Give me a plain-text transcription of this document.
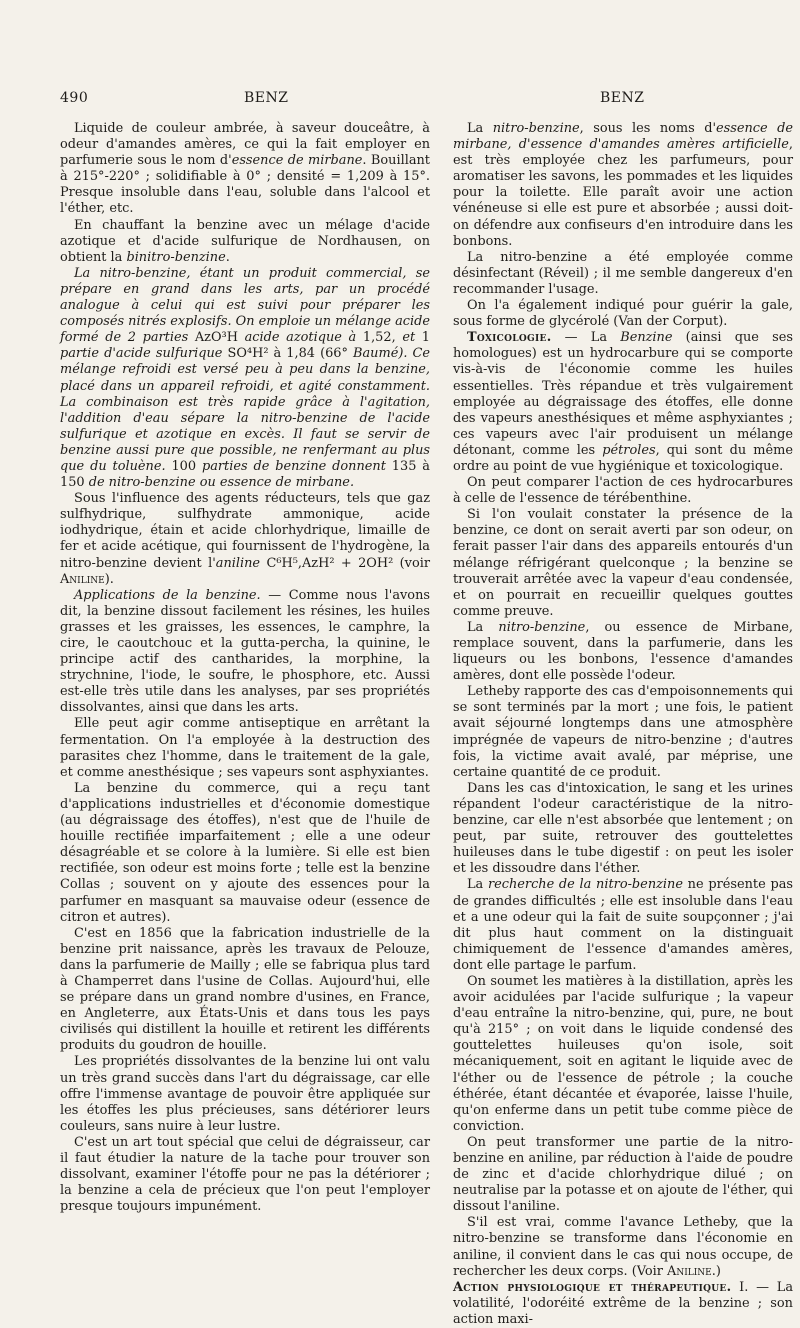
490	BENZ	BENZ

Liquide de couleur ambrée, à saveur douceâtre, à odeur d'amandes amères, ce qui la fait employer en parfumerie sous le nom d'essence de mirbane. Bouillant à 215°-220° ; solidifiable à 0° ; densité = 1,209 à 15°. Presque insoluble dans l'eau, soluble dans l'alcool et l'éther, etc.

En chauffant la benzine avec un mélage d'acide azotique et d'acide sulfurique de Nordhausen, on obtient la binitro-benzine.

La nitro-benzine, étant un produit commercial, se prépare en grand dans les arts, par un procédé analogue à celui qui est suivi pour préparer les composés nitrés explosifs. On emploie un mélange acide formé de 2 parties AzO³H acide azotique à 1,52, et 1 partie d'acide sulfurique SO⁴H² à 1,84 (66° Baumé). Ce mélange refroidi est versé peu à peu dans la benzine, placé dans un appareil refroidi, et agité constamment. La combinaison est très rapide grâce à l'agitation, l'addition d'eau sépare la nitro-benzine de l'acide sulfurique et azotique en excès. Il faut se servir de benzine aussi pure que possible, ne renfermant au plus que du toluène. 100 parties de benzine donnent 135 à 150 de nitro-benzine ou essence de mirbane.

Sous l'influence des agents réducteurs, tels que gaz sulfhydrique, sulfhydrate ammonique, acide iodhydrique, étain et acide chlorhydrique, limaille de fer et acide acétique, qui fournissent de l'hydrogène, la nitro-benzine devient l'aniline C⁶H⁵,AzH² + 2OH² (voir Aniline).

Applications de la benzine. — Comme nous l'avons dit, la benzine dissout facilement les résines, les huiles grasses et les graisses, les essences, le camphre, la cire, le caoutchouc et la gutta-percha, la quinine, le principe actif des cantharides, la morphine, la strychnine, l'iode, le soufre, le phosphore, etc. Aussi est-elle très utile dans les analyses, par ses propriétés dissolvantes, ainsi que dans les arts.

Elle peut agir comme antiseptique en arrêtant la fermentation. On l'a employée à la destruction des parasites chez l'homme, dans le traitement de la gale, et comme anesthésique ; ses vapeurs sont asphyxiantes.

La benzine du commerce, qui a reçu tant d'applications industrielles et d'économie domestique (au dégraissage des étoffes), n'est que de l'huile de houille rectifiée imparfaitement ; elle a une odeur désagréable et se colore à la lumière. Si elle est bien rectifiée, son odeur est moins forte ; telle est la benzine Collas ; souvent on y ajoute des essences pour la parfumer en masquant sa mauvaise odeur (essence de citron et autres).

C'est en 1856 que la fabrication industrielle de la benzine prit naissance, après les travaux de Pelouze, dans la parfumerie de Mailly ; elle se fabriqua plus tard à Champerret dans l'usine de Collas. Aujourd'hui, elle se prépare dans un grand nombre d'usines, en France, en Angleterre, aux États-Unis et dans tous les pays civilisés qui distillent la houille et retirent les différents produits du goudron de houille.

Les propriétés dissolvantes de la benzine lui ont valu un très grand succès dans l'art du dégraissage, car elle offre l'immense avantage de pouvoir être appliquée sur les étoffes les plus précieuses, sans détériorer leurs couleurs, sans nuire à leur lustre.

C'est un art tout spécial que celui de dégraisseur, car il faut étudier la nature de la tache pour trouver son dissolvant, examiner l'étoffe pour ne pas la détériorer ; la benzine a cela de précieux que l'on peut l'employer presque toujours impunément.

La nitro-benzine, sous les noms d'essence de mirbane, d'essence d'amandes amères artificielle, est très employée chez les parfumeurs, pour aromatiser les savons, les pommades et les liquides pour la toilette. Elle paraît avoir une action vénéneuse si elle est pure et absorbée ; aussi doit-on défendre aux confiseurs d'en introduire dans les bonbons.

La nitro-benzine a été employée comme désinfectant (Réveil) ; il me semble dangereux d'en recommander l'usage.

On l'a également indiqué pour guérir la gale, sous forme de glycérolé (Van der Corput).

Toxicologie. — La Benzine (ainsi que ses homologues) est un hydrocarbure qui se comporte vis-à-vis de l'économie comme les huiles essentielles. Très répandue et très vulgairement employée au dégraissage des étoffes, elle donne des vapeurs anesthésiques et même asphyxiantes ; ces vapeurs avec l'air produisent un mélange détonant, comme les pétroles, qui sont du même ordre au point de vue hygiénique et toxicologique.

On peut comparer l'action de ces hydrocarbures à celle de l'essence de térébenthine.

Si l'on voulait constater la présence de la benzine, ce dont on serait averti par son odeur, on ferait passer l'air dans des appareils entourés d'un mélange réfrigérant quelconque ; la benzine se trouverait arrêtée avec la vapeur d'eau condensée, et on pourrait en recueillir quelques gouttes comme preuve.

La nitro-benzine, ou essence de Mirbane, remplace souvent, dans la parfumerie, dans les liqueurs ou les bonbons, l'essence d'amandes amères, dont elle possède l'odeur.

Letheby rapporte des cas d'empoisonnements qui se sont terminés par la mort ; une fois, le patient avait séjourné longtemps dans une atmosphère imprégnée de vapeurs de nitro-benzine ; d'autres fois, la victime avait avalé, par méprise, une certaine quantité de ce produit.

Dans les cas d'intoxication, le sang et les urines répandent l'odeur caractéristique de la nitro-benzine, car elle n'est absorbée que lentement ; on peut, par suite, retrouver des gouttelettes huileuses dans le tube digestif : on peut les isoler et les dissoudre dans l'éther.

La recherche de la nitro-benzine ne présente pas de grandes difficultés ; elle est insoluble dans l'eau et a une odeur qui la fait de suite soupçonner ; j'ai dit plus haut comment on la distinguait chimiquement de l'essence d'amandes amères, dont elle partage le parfum.

On soumet les matières à la distillation, après les avoir acidulées par l'acide sulfurique ; la vapeur d'eau entraîne la nitro-benzine, qui, pure, ne bout qu'à 215° ; on voit dans le liquide condensé des gouttelettes huileuses qu'on isole, soit mécaniquement, soit en agitant le liquide avec de l'éther ou de l'essence de pétrole ; la couche éthérée, étant décantée et évaporée, laisse l'huile, qu'on enferme dans un petit tube comme pièce de conviction.

On peut transformer une partie de la nitro-benzine en aniline, par réduction à l'aide de poudre de zinc et d'acide chlorhydrique dilué ; on neutralise par la potasse et on ajoute de l'éther, qui dissout l'aniline.

S'il est vrai, comme l'avance Letheby, que la nitro-benzine se transforme dans l'économie en aniline, il convient dans le cas qui nous occupe, de rechercher les deux corps. (Voir Aniline.)

Action physiologique et thérapeutique. I. — La volatilité, l'odoréité extrême de la benzine ; son action maxi-
